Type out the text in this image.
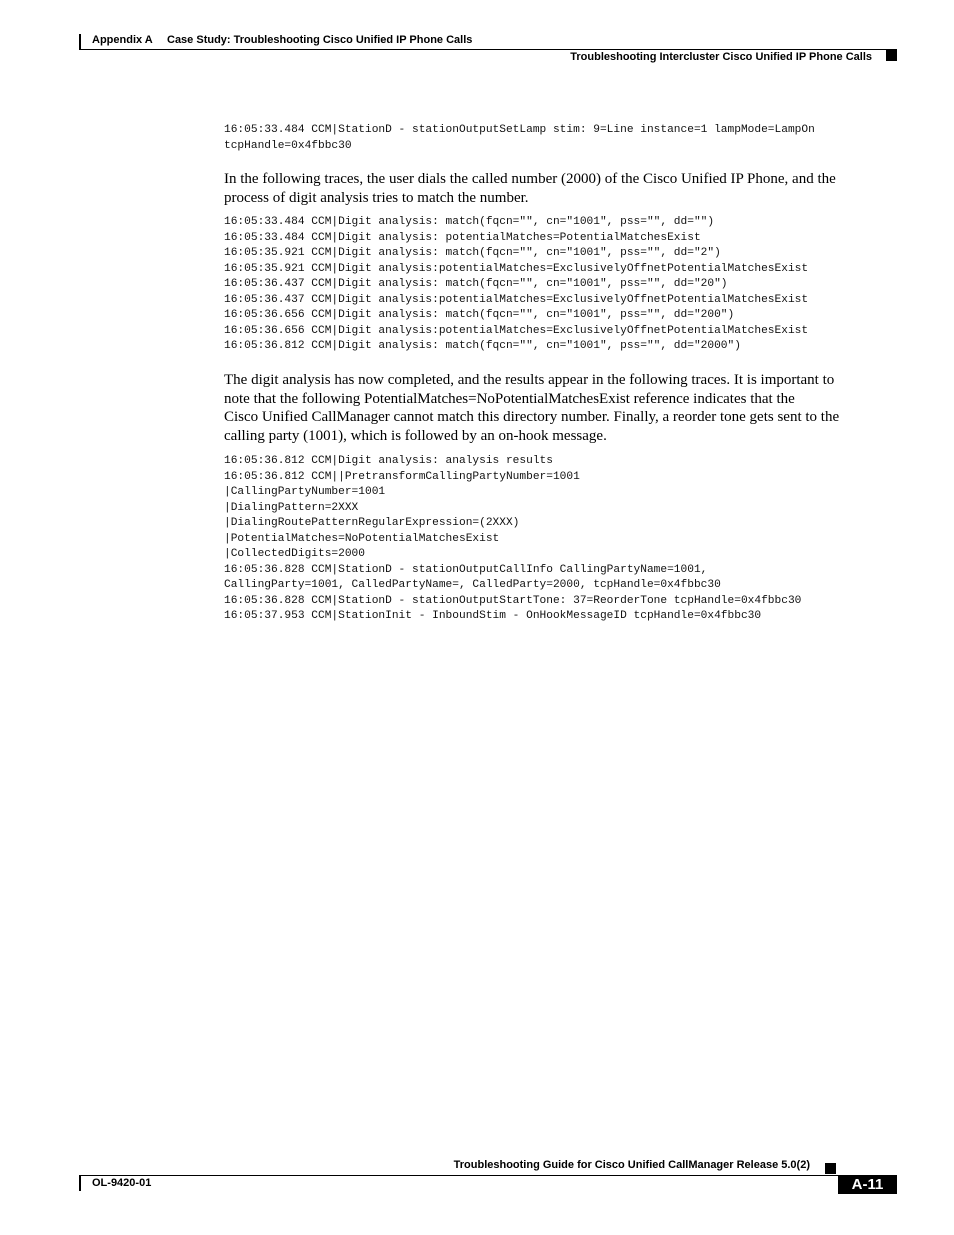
Appendix A Case Study: Troubleshooting Cisco Unified IP Phone Calls
Troubleshooting Intercluster Cisco Unified IP Phone Calls
16:05:33.484 CCM|StationD - stationOutputSetLamp stim: 9=Line instance=1 lampMode=LampOn
tcpHandle=0x4fbbc30

In the following traces, the user dials the called number (2000) of the Cisco Unified IP Phone, and the
process of digit analysis tries to match the number.

16:05:33.484 CCM|Digit analysis: match(fqcn="", cn="1001", pss="", dd="")
16:05:33.484 CCM|Digit analysis: potentialMatches=PotentialMatchesExist
16:05:35.921 CCM|Digit analysis: match(fqcn="", cn="1001", pss="", dd="2")
16:05:35.921 CCM|Digit analysis:potentialMatches=ExclusivelyOffnetPotentialMatchesExist
16:05:36.437 CCM|Digit analysis: match(fqcn="", cn="1001", pss="", dd="20")
16:05:36.437 CCM|Digit analysis:potentialMatches=ExclusivelyOffnetPotentialMatchesExist
16:05:36.656 CCM|Digit analysis: match(fqcn="", cn="1001", pss="", dd="200")
16:05:36.656 CCM|Digit analysis:potentialMatches=ExclusivelyOffnetPotentialMatchesExist
16:05:36.812 CCM|Digit analysis: match(fqcn="", cn="1001", pss="", dd="2000")

The digit analysis has now completed, and the results appear in the following traces. It is important to
note that the following PotentialMatches=NoPotentialMatchesExist reference indicates that the
Cisco Unified CallManager cannot match this directory number. Finally, a reorder tone gets sent to the
calling party (1001), which is followed by an on-hook message.

16:05:36.812 CCM|Digit analysis: analysis results
16:05:36.812 CCM||PretransformCallingPartyNumber=1001
|CallingPartyNumber=1001
|DialingPattern=2XXX
|DialingRoutePatternRegularExpression=(2XXX)
|PotentialMatches=NoPotentialMatchesExist
|CollectedDigits=2000
16:05:36.828 CCM|StationD - stationOutputCallInfo CallingPartyName=1001,
CallingParty=1001, CalledPartyName=, CalledParty=2000, tcpHandle=0x4fbbc30
16:05:36.828 CCM|StationD - stationOutputStartTone: 37=ReorderTone tcpHandle=0x4fbbc30
16:05:37.953 CCM|StationInit - InboundStim - OnHookMessageID tcpHandle=0x4fbbc30
Troubleshooting Guide for Cisco Unified CallManager Release 5.0(2)
OL-9420-01	A-11
